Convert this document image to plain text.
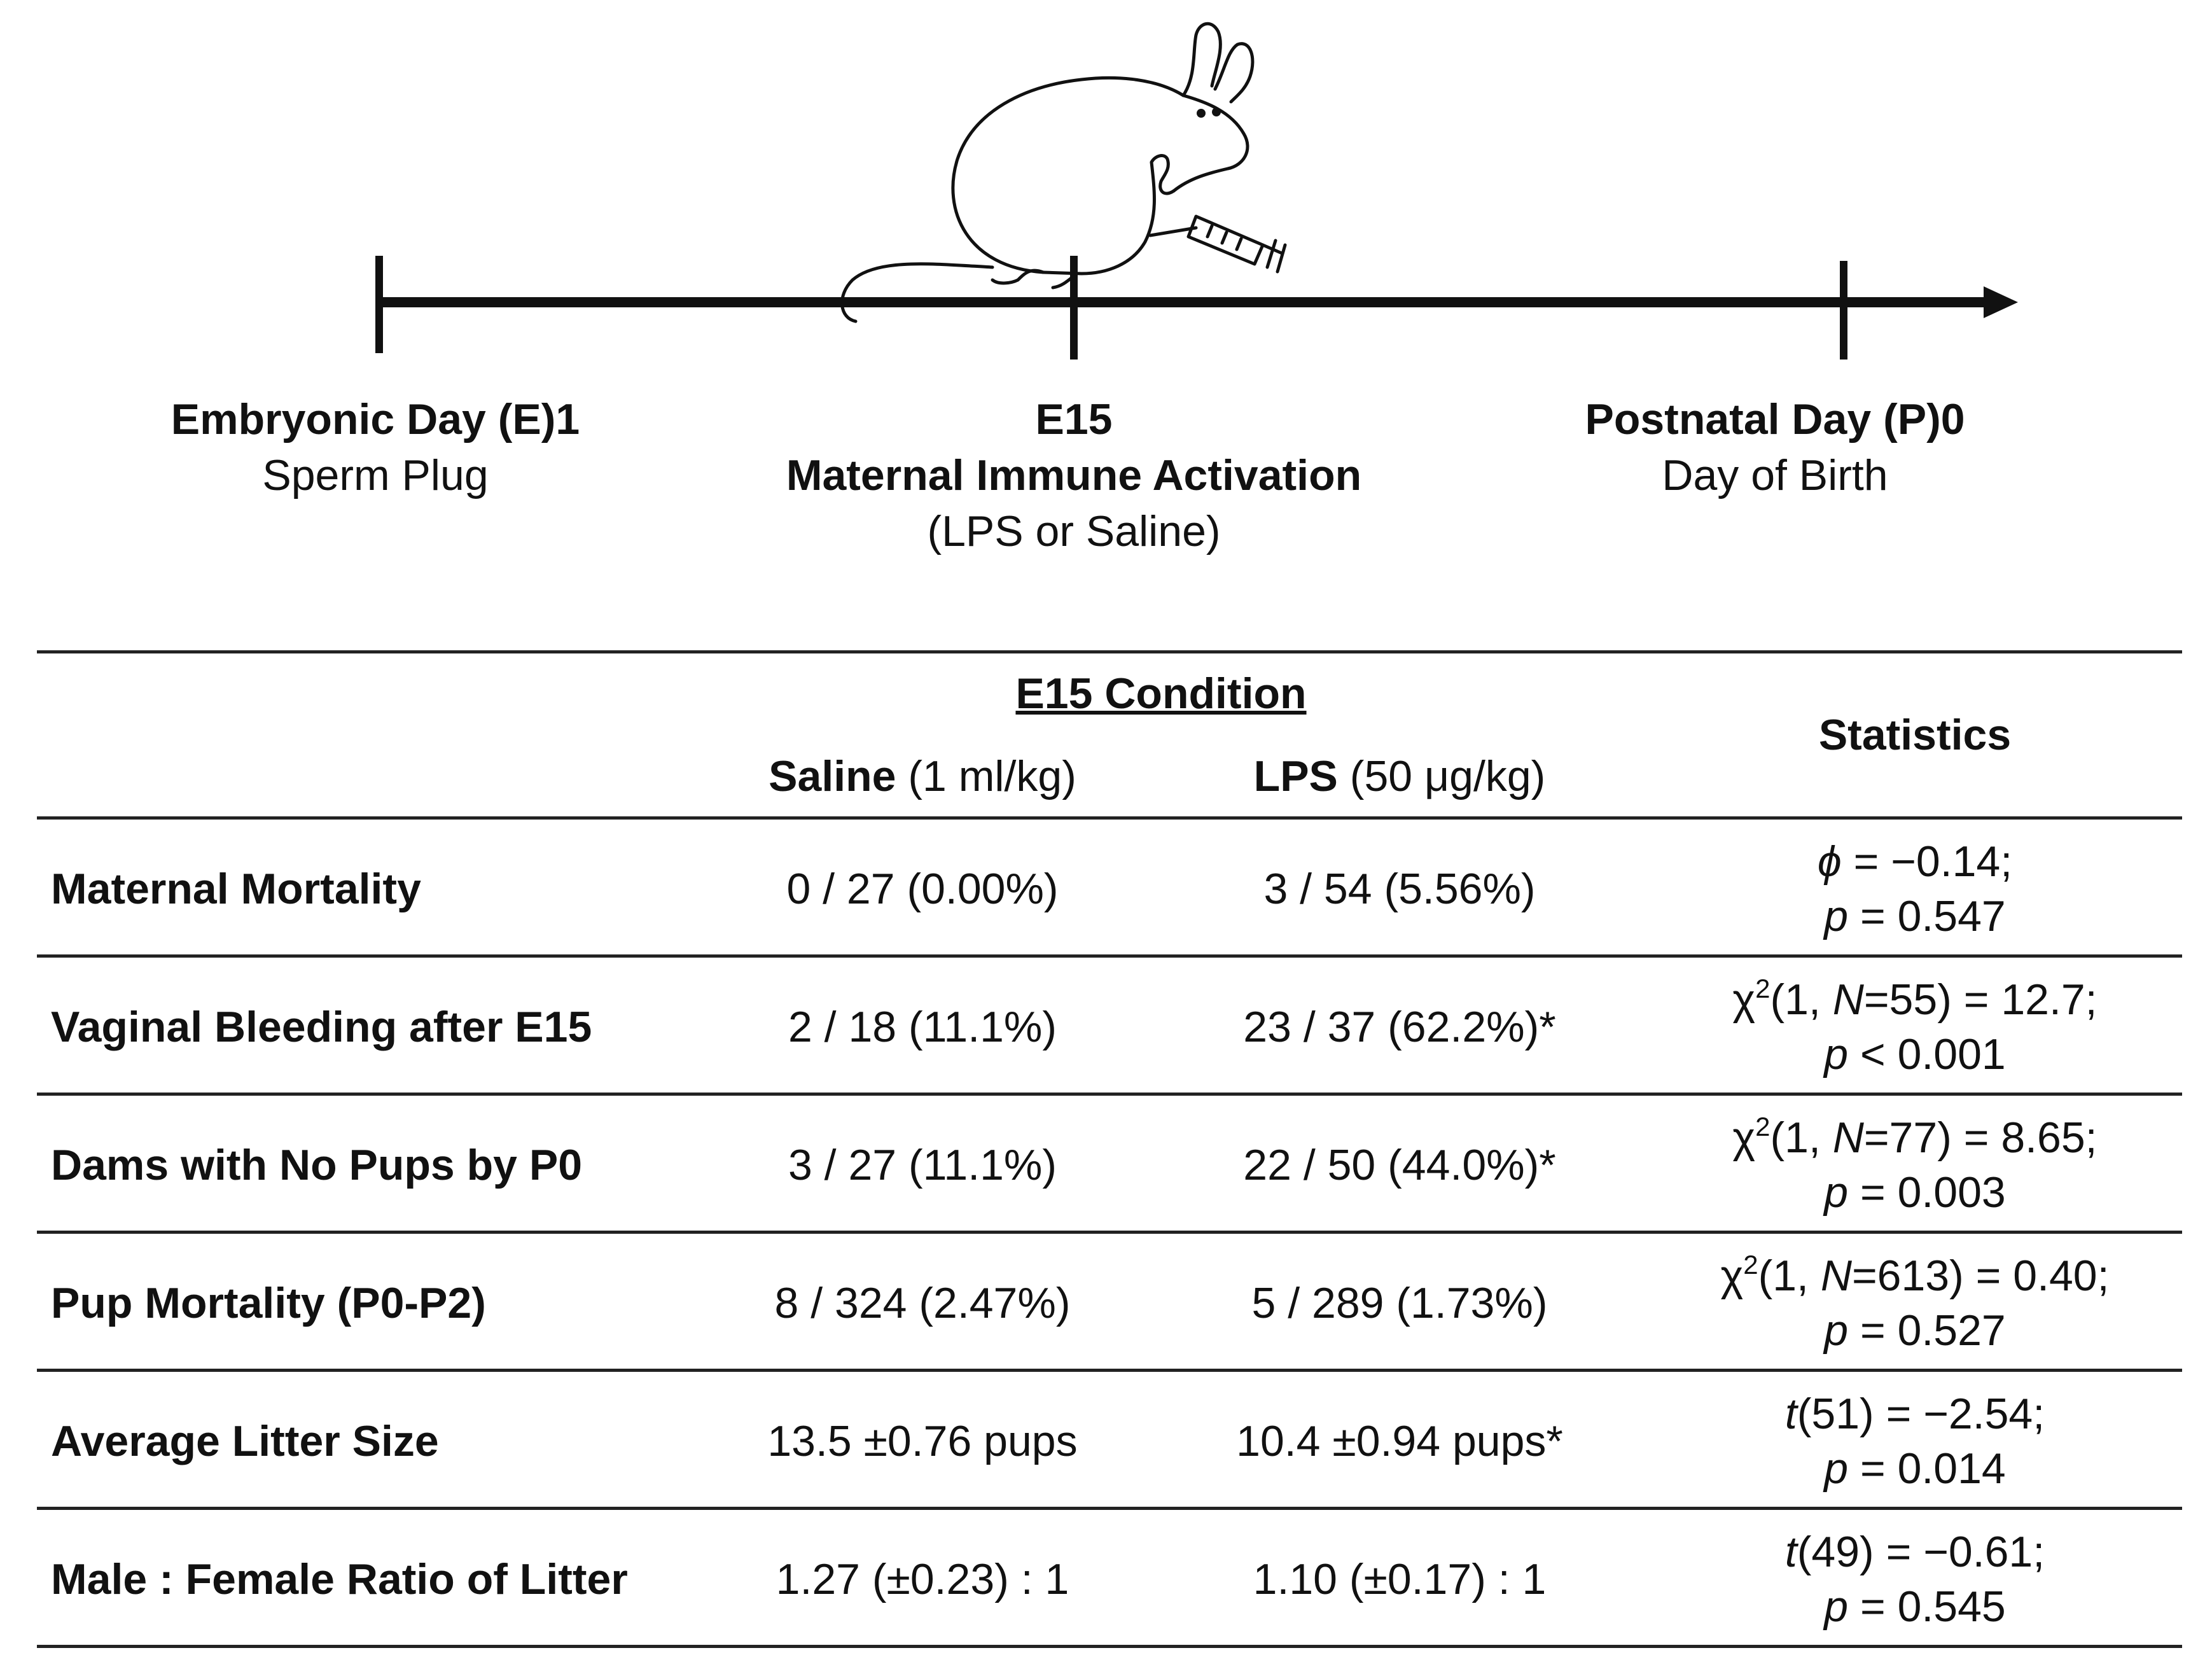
Embryonic Day (E)1
Sperm Plug
E15
Maternal Immune Activation
(LPS or Saline)
Postnatal Day (P)0
Day of Birth
E15 Condition
Saline (1 ml/kg)	LPS (50 μg/kg)
Statistics
Maternal Mortality	0 / 27 (0.00%)	3 / 54 (5.56%)
ϕ = −0.14;
p = 0.547
Vaginal Bleeding after E15	2 / 18 (11.1%)	23 / 37 (62.2%)*
$\chi^2(1$, N=55) = 12.7;
p < 0.001
Dams with No Pups by P0	3 / 27 (11.1%)	22 / 50 (44.0%)*
$\chi^2(1$, N=77) = 8.65;
p = 0.003
Pup Mortality (P0-P2)	8 / 324 (2.47%)	5 / 289 (1.73%)
$\chi^2(1$, N=613) = 0.40;
p = 0.527
Average Litter Size	13.5 ±0.76 pups	10.4 ±0.94 pups*
t(51) = −2.54;
p = 0.014
Male : Female Ratio of Litter	1.27 (±0.23) : 1	1.10 (±0.17) : 1
t(49) = −0.61;
p = 0.545
